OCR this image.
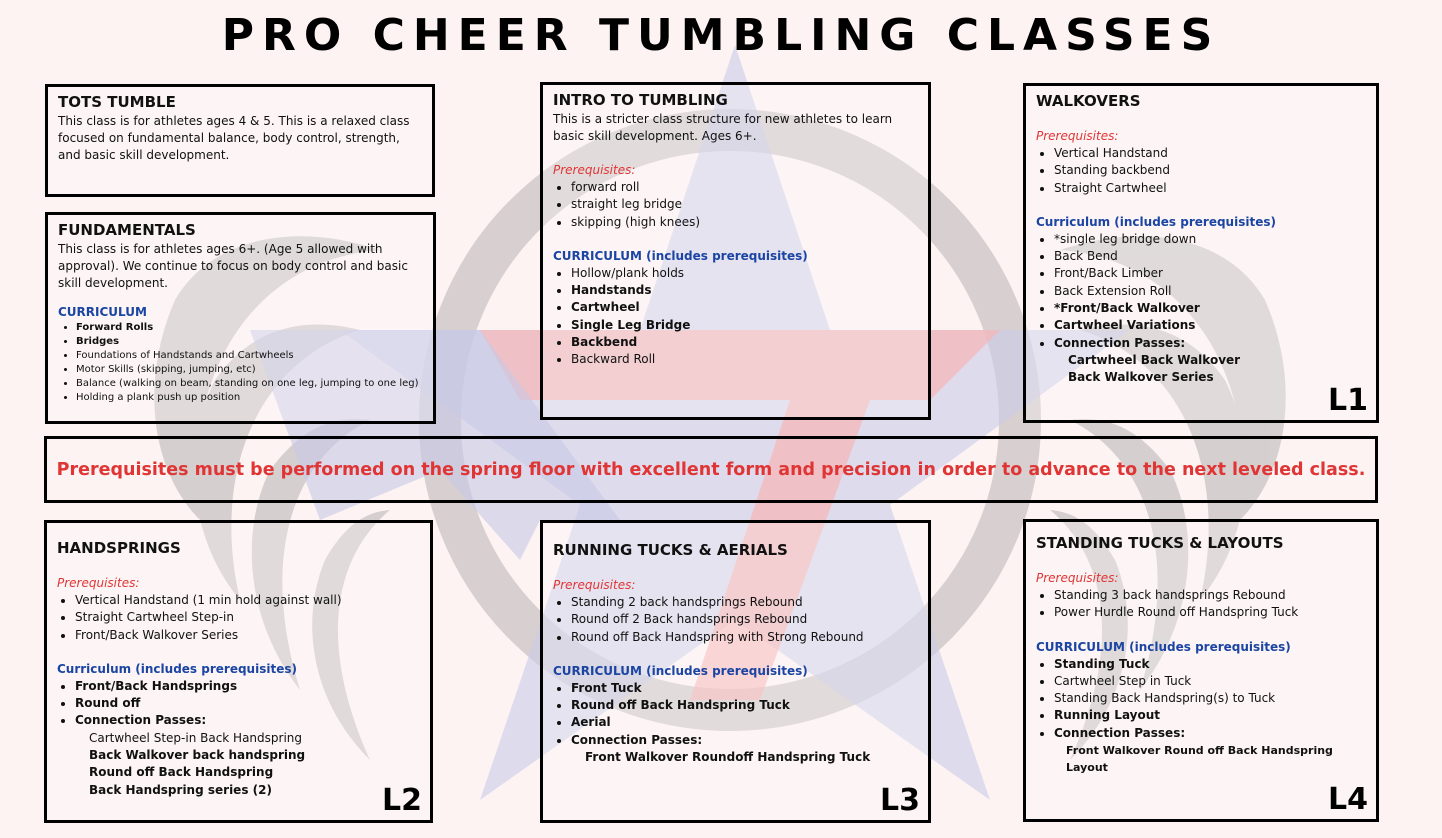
PRO CHEER TUMBLING CLASSES
TOTS TUMBLE

This class is for athletes ages 4 & 5. This is a relaxed class focused on fundamental balance, body control, strength, and basic skill development.

FUNDAMENTALS

This class is for athletes ages 6+. (Age 5 allowed with approval). We continue to focus on body control and basic skill development.

CURRICULUM
• Forward Rolls
• Bridges
• Foundations of Handstands and Cartwheels
• Motor Skills (skipping, jumping, etc)
• Balance (walking on beam, standing on one leg, jumping to one leg)
• Holding a plank push up position
INTRO TO TUMBLING

This is a stricter class structure for new athletes to learn basic skill development. Ages 6+.

Prerequisites:
• forward roll
• straight leg bridge
• skipping (high knees)
CURRICULUM (includes prerequisites)
• Hollow/plank holds
• Handstands
• Cartwheel
• Single Leg Bridge
• Backbend
• Backward Roll
WALKOVERS
Prerequisites:
• Vertical Handstand
• Standing backbend
• Straight Cartwheel
Curriculum (includes prerequisites)
• *single leg bridge down
• Back Bend
• Front/Back Limber
• Back Extension Roll
• *Front/Back Walkover
• Cartwheel Variations
• Connection Passes:
Cartwheel Back Walkover
Back Walkover Series
L1
Prerequisites must be performed on the spring floor with excellent form and precision in order to advance to the next leveled class.
HANDSPRINGS
Prerequisites:
• Vertical Handstand (1 min hold against wall)
• Straight Cartwheel Step-in
• Front/Back Walkover Series
Curriculum (includes prerequisites)
• Front/Back Handsprings
• Round off
• Connection Passes:
Cartwheel Step-in Back Handspring
Back Walkover back handspring
Round off Back Handspring
Back Handspring series (2)	L2
RUNNING TUCKS & AERIALS
Prerequisites:
• Standing 2 back handsprings Rebound
• Round off 2 Back handsprings Rebound
• Round off Back Handspring with Strong Rebound
CURRICULUM (includes prerequisites)
• Front Tuck
• Round off Back Handspring Tuck
• Aerial
• Connection Passes:
Front Walkover Roundoff Handspring Tuck
L3
STANDING TUCKS & LAYOUTS
Prerequisites:
• Standing 3 back handsprings Rebound
• Power Hurdle Round off Handspring Tuck
CURRICULUM (includes prerequisites)
• Standing Tuck
• Cartwheel Step in Tuck
• Standing Back Handspring(s) to Tuck
• Running Layout
• Connection Passes:
Front Walkover Round off Back Handspring Layout
L4
